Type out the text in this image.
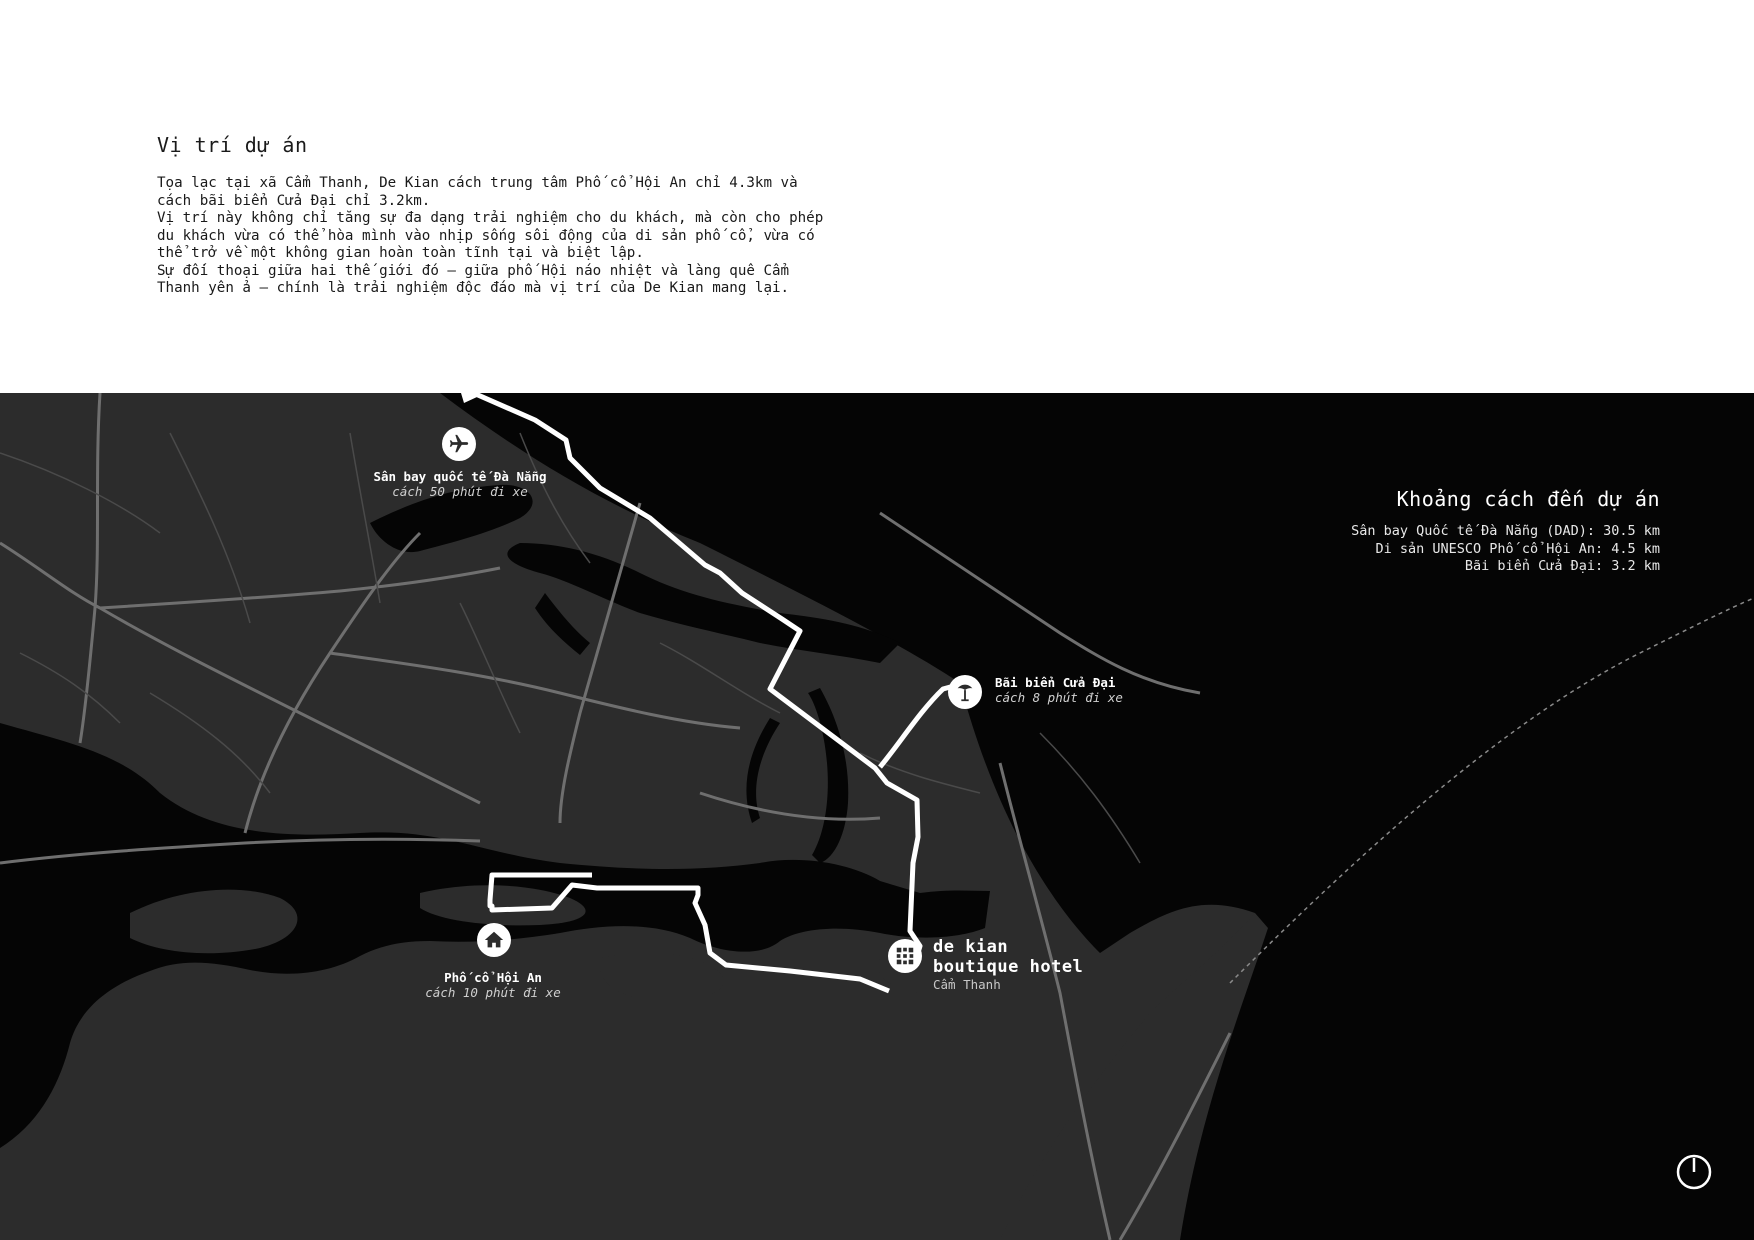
Vị trí dự án

Tọa lạc tại xã Cẩm Thanh, De Kian cách trung tâm Phố cổ Hội An chỉ 4.3km và cách bãi biển Cửa Đại chỉ 3.2km.

Vị trí này không chỉ tăng sự đa dạng trải nghiệm cho du khách, mà còn cho phép du khách vừa có thể hòa mình vào nhịp sống sôi động của di sản phố cổ, vừa có thể trở về một không gian hoàn toàn tĩnh tại và biệt lập.

Sự đối thoại giữa hai thế giới đó — giữa phố Hội náo nhiệt và làng quê Cẩm Thanh yên ả — chính là trải nghiệm độc đáo mà vị trí của De Kian mang lại.

Sân bay quốc tế Đà Nẵng
cách 50 phút đi xe
Bãi biển Cửa Đại
cách 8 phút đi xe
Phố cổ Hội An
cách 10 phút đi xe
de kian
boutique hotel
Cẩm Thanh
Khoảng cách đến dự án
Sân bay Quốc tế Đà Nẵng (DAD): 30.5 km
Di sản UNESCO Phố cổ Hội An: 4.5 km
Bãi biển Cửa Đại: 3.2 km
